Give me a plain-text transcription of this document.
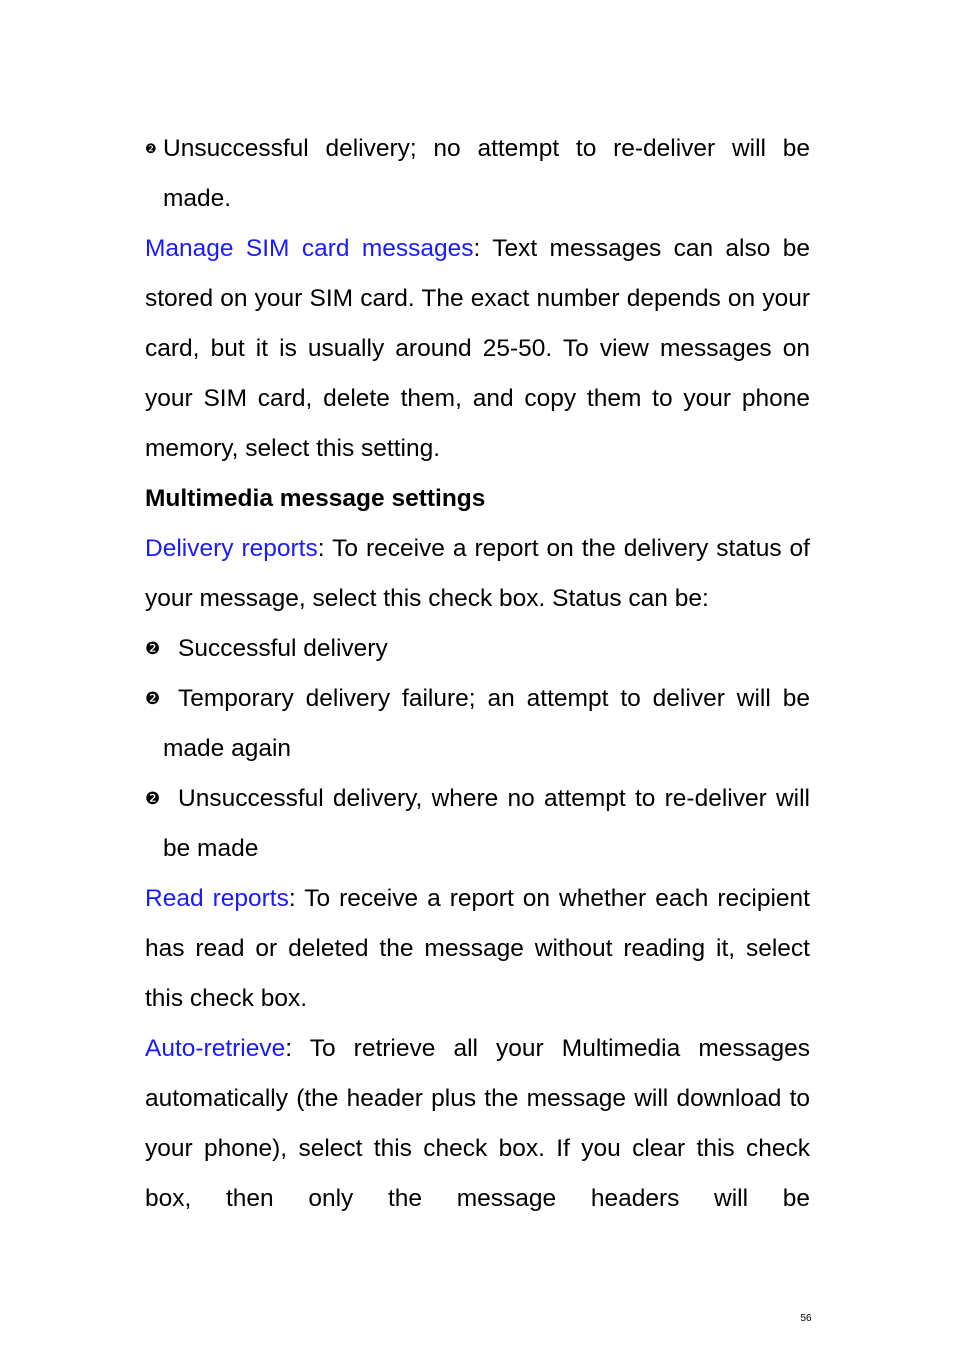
❷ Unsuccessful delivery; no attempt to re-deliver will be made.
Manage SIM card messages: Text messages can also be stored on your SIM card. The exact number depends on your card, but it is usually around 25-50. To view messages on your SIM card, delete them, and copy them to your phone memory, select this setting.
Multimedia message settings
Delivery reports: To receive a report on the delivery status of your message, select this check box. Status can be:
❷ Successful delivery
❷ Temporary delivery failure; an attempt to deliver will be made again
❷ Unsuccessful delivery, where no attempt to re-deliver will be made
Read reports: To receive a report on whether each recipient has read or deleted the message without reading it, select this check box.
Auto-retrieve: To retrieve all your Multimedia messages automatically (the header plus the message will download to your phone), select this check box. If you clear this check box, then only the message headers will be
56
